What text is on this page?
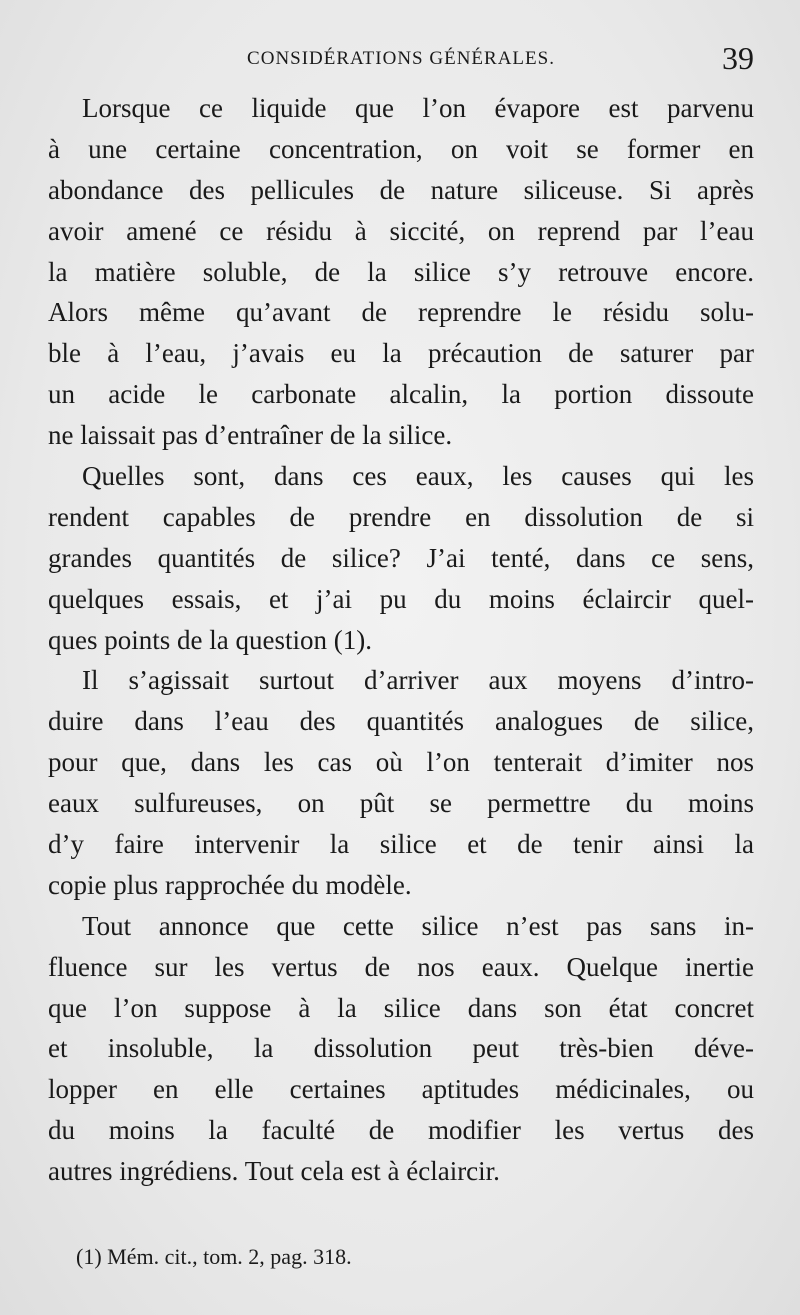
CONSIDÉRATIONS GÉNÉRALES.	39
Lorsque ce liquide que l’on évapore est parvenu
à une certaine concentration, on voit se former en
abondance des pellicules de nature siliceuse. Si après
avoir amené ce résidu à siccité, on reprend par l’eau
la matière soluble, de la silice s’y retrouve encore.
Alors même qu’avant de reprendre le résidu solu-
ble à l’eau, j’avais eu la précaution de saturer par
un acide le carbonate alcalin, la portion dissoute
ne laissait pas d’entraîner de la silice.
Quelles sont, dans ces eaux, les causes qui les
rendent capables de prendre en dissolution de si
grandes quantités de silice? J’ai tenté, dans ce sens,
quelques essais, et j’ai pu du moins éclaircir quel-
ques points de la question (1).
Il s’agissait surtout d’arriver aux moyens d’intro-
duire dans l’eau des quantités analogues de silice,
pour que, dans les cas où l’on tenterait d’imiter nos
eaux sulfureuses, on pût se permettre du moins
d’y faire intervenir la silice et de tenir ainsi la
copie plus rapprochée du modèle.
Tout annonce que cette silice n’est pas sans in-
fluence sur les vertus de nos eaux. Quelque inertie
que l’on suppose à la silice dans son état concret
et insoluble, la dissolution peut très-bien déve-
lopper en elle certaines aptitudes médicinales, ou
du moins la faculté de modifier les vertus des
autres ingrédiens. Tout cela est à éclaircir.
(1) Mém. cit., tom. 2, pag. 318.
